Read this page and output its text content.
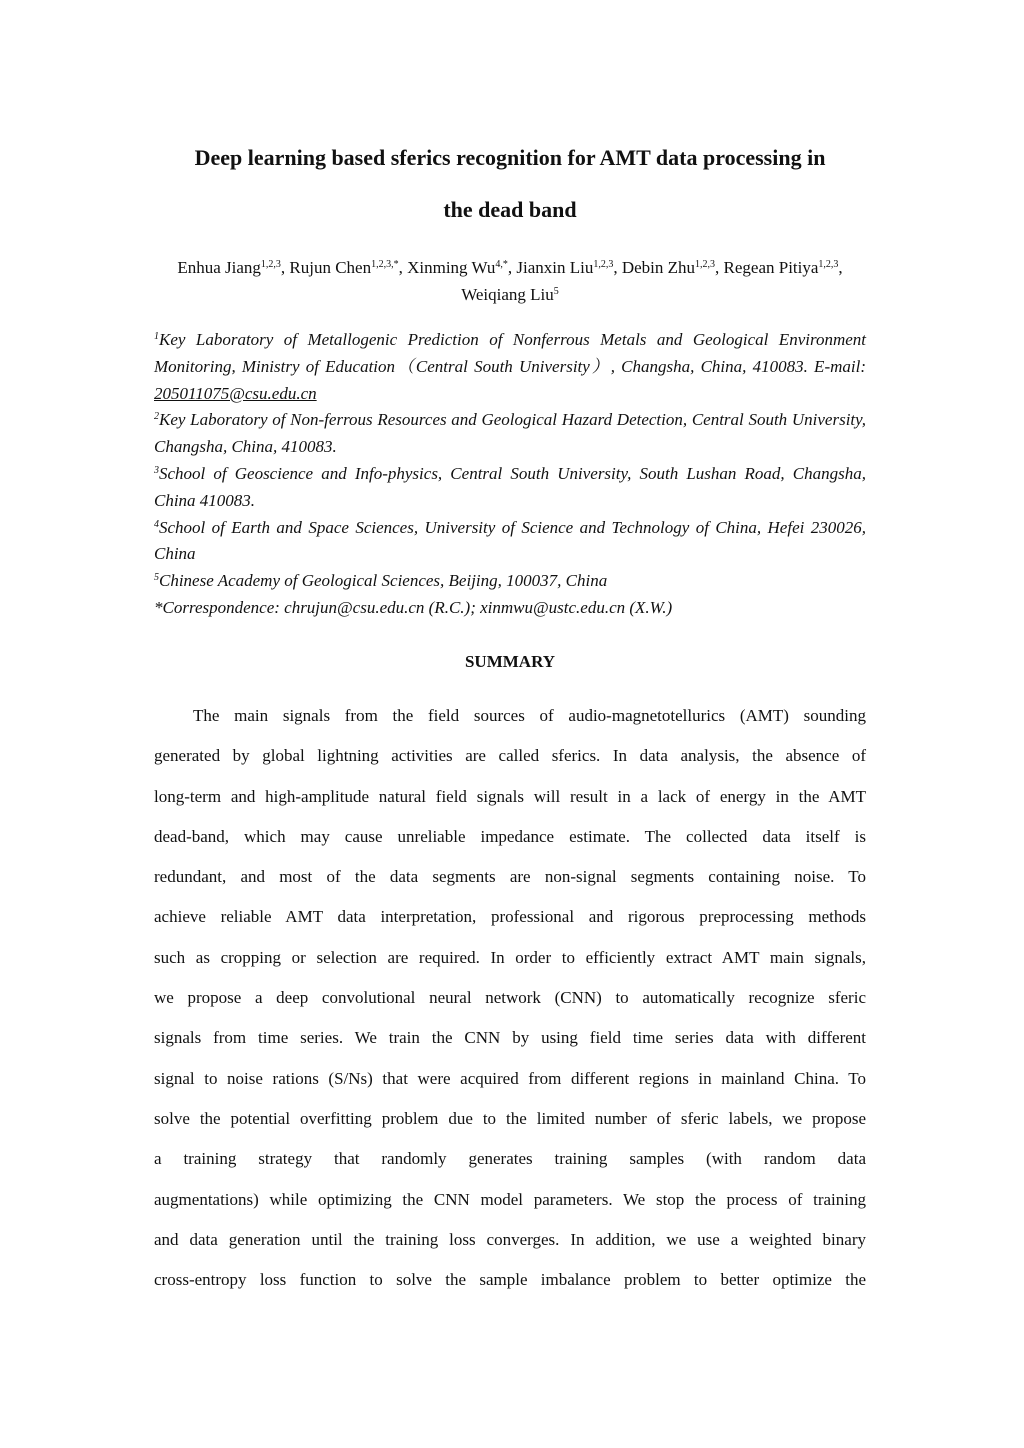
Deep learning based sferics recognition for AMT data processing in
the dead band

Enhua Jiang$^{1,2,3}$, Rujun Chen$^{1,2,3,*}$, Xinming $Wu^{4,*}$, Jianxin Liu$^{1,2,3}$, Debin Zhu$^{1,2,3}$, Regean Pitiya$^{1,2,3}$, Weiqiang Liu$^5$

$^1$Key Laboratory of Metallogenic Prediction of Nonferrous Metals and Geological Environment Monitoring, Ministry of Education（Central South University）, Changsha, China, 410083. E-mail: 205011075@csu.edu.cn

$^2$Key Laboratory of Non-ferrous Resources and Geological Hazard Detection, Central South University, Changsha, China, 410083.

$^3$School of Geoscience and Info-physics, Central South University, South Lushan Road, Changsha, China 410083.

$^4$School of Earth and Space Sciences, University of Science and Technology of China, Hefei 230026, China

$^5$Chinese Academy of Geological Sciences, Beijing, 100037, China

*Correspondence: chrujun@csu.edu.cn (R.C.); xinmwu@ustc.edu.cn (X.W.)

SUMMARY
The main signals from the field sources of audio-magnetotellurics (AMT) sounding
generated by global lightning activities are called sferics. In data analysis, the absence of
long-term and high-amplitude natural field signals will result in a lack of energy in the AMT
dead-band, which may cause unreliable impedance estimate. The collected data itself is
redundant, and most of the data segments are non-signal segments containing noise. To
achieve reliable AMT data interpretation, professional and rigorous preprocessing methods
such as cropping or selection are required. In order to efficiently extract AMT main signals,
we propose a deep convolutional neural network (CNN) to automatically recognize sferic
signals from time series. We train the CNN by using field time series data with different
signal to noise rations (S/Ns) that were acquired from different regions in mainland China. To
solve the potential overfitting problem due to the limited number of sferic labels, we propose
a training strategy that randomly generates training samples (with random data
augmentations) while optimizing the CNN model parameters. We stop the process of training
and data generation until the training loss converges. In addition, we use a weighted binary
cross-entropy loss function to solve the sample imbalance problem to better optimize the
